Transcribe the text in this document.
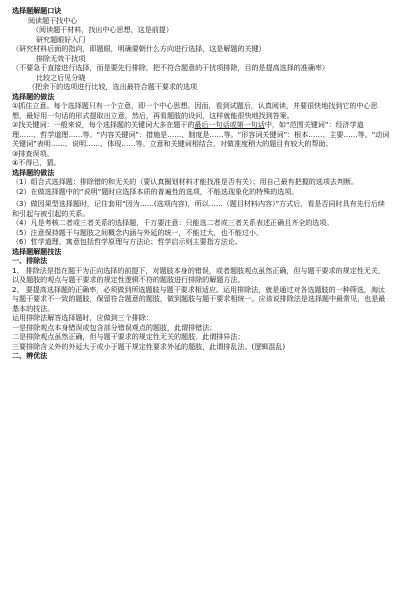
选择题解题口诀
阅读题干找中心
（阅读题干材料，找出中心思想，这是前提）
研究题眼好入门
（研究材料后面的指向，即题眼，明确要朝什么方向进行选择，这是解题的关键）
排除无效干扰项
（不要急于直接进行选择，而是要先行排除，把不符合题意的干扰项排除，目的是提高选择的准确率）
比较之后见分晓
（把余下的选项进行比较，选出最符合题干要求的选项
选择题的做法
①抓住立意。每个选择题只有一个立意，即一个中心思想。因而，看到试题后，认真阅读，并要很快地找到它的中心思想，最好用一句话的形式提取出立意，然后，再看题肢的设问，这样就能很快地找到答案。
②找关键词：一般来说，每个选择题的关键词大多在题干的最后一句话或第一句话中，如“范围关键词”：经济学道理……、哲学道理……等。“内容关键词”：措施是……、制度是……等。“形容词关键词”：根本……、主要……等。“动词关键词”表明……、说明……、体现……等。立意和关键词相结合，对做准度稍大的题目有较大的帮助。
③排查误项。
④不得已，猜。
选择题的做法
（1）组合式选择题：排除错的和无关的（要认真圈划材料才能找准是否有关）；用自己最有把握的选项去判断。
（2）在做选择题中的“说明”题时应选择本质的普遍性的选项，不能选现象化的特殊的选项。
（3）做因果型选择题时，记住套用“因为……(选项内容)，所以……（题目材料内容）”方式后，看是否同时具有先行后续和引起与被引起的关系。
（4）凡是考核二者或三者关系的选择题，千万要注意：只能选二者或三者关系表述正确且齐全的选项。
（5）注意保持题干与题肢之间概念内涵与外延的统一，不能过大，也不能过小。
（6）哲学道理、寓意包括哲学原理与方法论；哲学启示则主要指方法论。
选择题解题技法
一、排除法
1、 排除法是指在题干为正向选择的前提下，对题肢本身的错误，或者题肢观点虽然正确，但与题干要求的规定性无关，以及题肢的观点与题干要求的规定性逻辑不符的题肢进行排除的解题方法。
2、 要提高选择题的正确率，必须做到所选题肢与题干要求相适应。运用排除法，就是通过对各选题肢的一种筛选，淘汰与题干要求不一致的题肢，保留符合题意的题肢，做到题肢与题干要求相统一。应该说排除法是选择题中最常见，也是最基本的技法。
运用排除法解答选择题时，应做到三个排除：
一是排除观点本身错误或包含部分错误观点的题肢，此谓排错法；
二是排除观点虽然正确，但与题干要求的规定性无关的题肢，此谓排异法；
三要排除含义外的外延大于或小于题干规定性要求外延的题肢，此谓排乱法。(逻辑混乱)
二、辨优法
